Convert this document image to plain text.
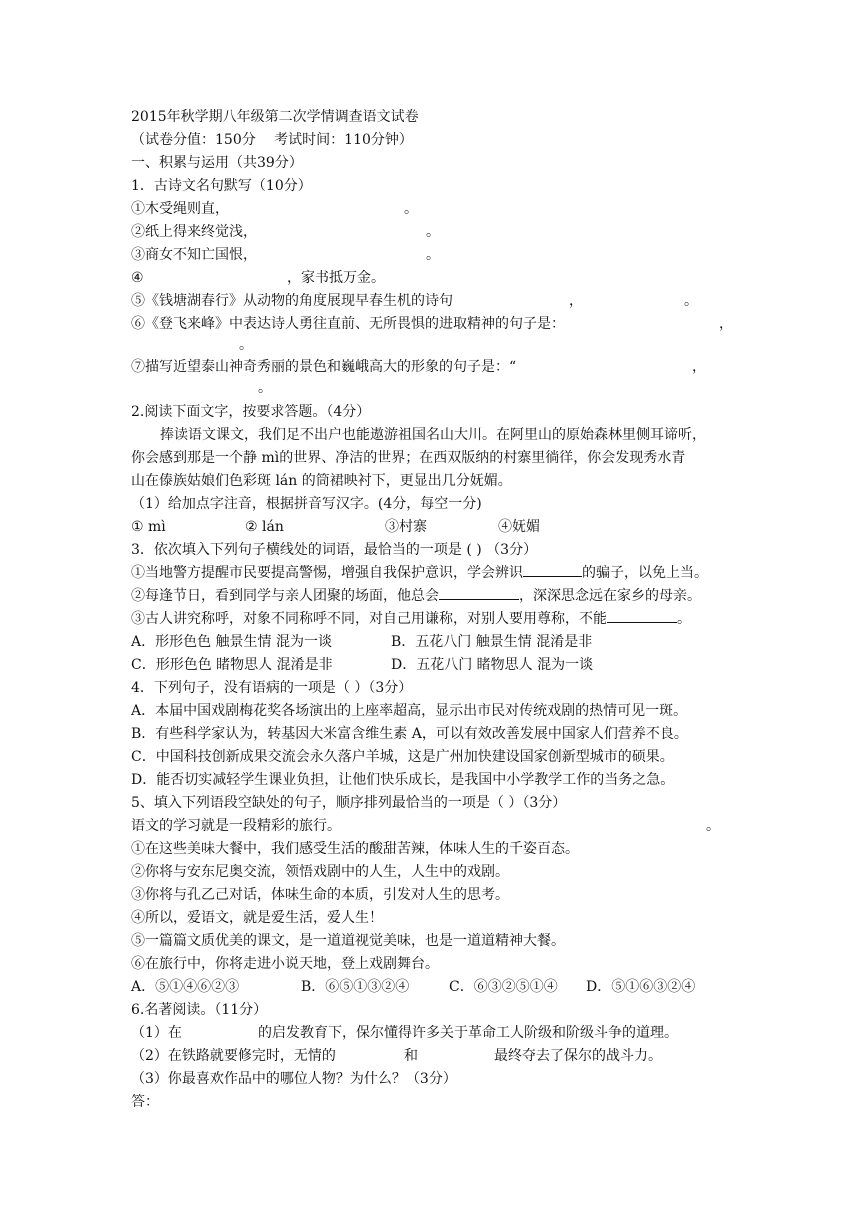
2015年秋学期八年级第二次学情调查语文试卷
（试卷分值：150分　 考试时间：110分钟）
一、积累与运用（共39分）
1．古诗文名句默写（10分）
①木受绳则直，	。
②纸上得来终觉浅，	。
③商女不知亡国恨，	。
④	，家书抵万金。
⑤《钱塘湖春行》从动物的角度展现早春生机的诗句	，	。
⑥《登飞来峰》中表达诗人勇往直前、无所畏惧的进取精神的句子是：	，
。
⑦描写近望泰山神奇秀丽的景色和巍峨高大的形象的句子是：“	，
。
2.阅读下面文字，按要求答题。（4分）
捧读语文课文，我们足不出户也能遨游祖国名山大川。在阿里山的原始森林里侧耳谛听，
你会感到那是一个静 mì的世界、净洁的世界；在西双版纳的村寨里徜徉，你会发现秀水青
山在傣族姑娘们色彩斑 lán 的筒裙映衬下，更显出几分妩媚。
（1）给加点字注音，根据拼音写汉字。(4分，每空一分)
① mì	② lán	③村寨	④妩媚
3．依次填入下列句子横线处的词语，最恰当的一项是 ( ) （3分）
①当地警方提醒市民要提高警惕，增强自我保护意识，学会辨识	的骗子，以免上当。
②每逢节日，看到同学与亲人团聚的场面，他总会	，深深思念远在家乡的母亲。
③古人讲究称呼，对象不同称呼不同，对自己用谦称，对别人要用尊称，不能	。
A．形形色色 触景生情 混为一谈	B．五花八门 触景生情 混淆是非
C．形形色色 睹物思人 混淆是非	D．五花八门 睹物思人 混为一谈
4．下列句子，没有语病的一项是（ ）（3分）
A．本届中国戏剧梅花奖各场演出的上座率超高，显示出市民对传统戏剧的热情可见一斑。
B．有些科学家认为，转基因大米富含维生素 A，可以有效改善发展中国家人们营养不良。
C．中国科技创新成果交流会永久落户羊城，这是广州加快建设国家创新型城市的硕果。
D．能否切实减轻学生课业负担，让他们快乐成长，是我国中小学教学工作的当务之急。
5、填入下列语段空缺处的句子，顺序排列最恰当的一项是（ ）（3分）
语文的学习就是一段精彩的旅行。	。
①在这些美味大餐中，我们感受生活的酸甜苦辣，体味人生的千姿百态。
②你将与安东尼奥交流，领悟戏剧中的人生，人生中的戏剧。
③你将与孔乙己对话，体味生命的本质，引发对人生的思考。
④所以，爱语文，就是爱生活，爱人生！
⑤一篇篇文质优美的课文，是一道道视觉美味，也是一道道精神大餐。
⑥在旅行中，你将走进小说天地，登上戏剧舞台。
A．⑤①④⑥②③	B．⑥⑤①③②④	C．⑥③②⑤①④ D．⑤①⑥③②④
6.名著阅读。（11分）
（1）在	的启发教育下，保尔懂得许多关于革命工人阶级和阶级斗争的道理。
（2）在铁路就要修完时，无情的	和	最终夺去了保尔的战斗力。
（3）你最喜欢作品中的哪位人物？为什么？（3分）
答：
